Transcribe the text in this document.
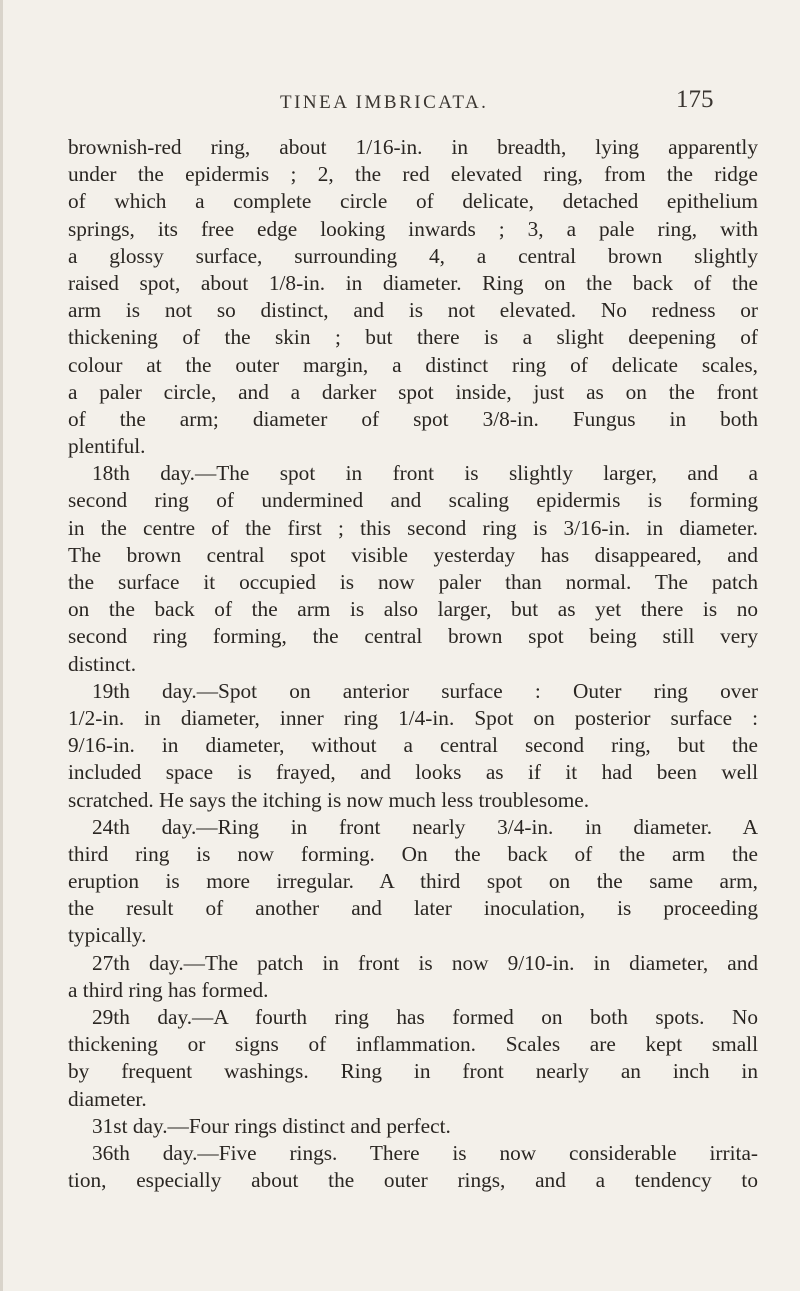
TINEA IMBRICATA.	175
brownish-red ring, about 1/16-in. in breadth, lying apparently
under the epidermis ; 2, the red elevated ring, from the ridge
of which a complete circle of delicate, detached epithelium
springs, its free edge looking inwards ; 3, a pale ring, with
a glossy surface, surrounding 4, a central brown slightly
raised spot, about 1/8-in. in diameter. Ring on the back of the
arm is not so distinct, and is not elevated. No redness or
thickening of the skin ; but there is a slight deepening of
colour at the outer margin, a distinct ring of delicate scales,
a paler circle, and a darker spot inside, just as on the front
of the arm; diameter of spot 3/8-in. Fungus in both
plentiful.
18th day.—The spot in front is slightly larger, and a
second ring of undermined and scaling epidermis is forming
in the centre of the first ; this second ring is 3/16-in. in diameter.
The brown central spot visible yesterday has disappeared, and
the surface it occupied is now paler than normal. The patch
on the back of the arm is also larger, but as yet there is no
second ring forming, the central brown spot being still very
distinct.
19th day.—Spot on anterior surface : Outer ring over
1/2-in. in diameter, inner ring 1/4-in. Spot on posterior surface :
9/16-in. in diameter, without a central second ring, but the
included space is frayed, and looks as if it had been well
scratched. He says the itching is now much less troublesome.
24th day.—Ring in front nearly 3/4-in. in diameter. A
third ring is now forming. On the back of the arm the
eruption is more irregular. A third spot on the same arm,
the result of another and later inoculation, is proceeding
typically.
27th day.—The patch in front is now 9/10-in. in diameter, and
a third ring has formed.
29th day.—A fourth ring has formed on both spots. No
thickening or signs of inflammation. Scales are kept small
by frequent washings. Ring in front nearly an inch in
diameter.
31st day.—Four rings distinct and perfect.
36th day.—Five rings. There is now considerable irrita-
tion, especially about the outer rings, and a tendency to
